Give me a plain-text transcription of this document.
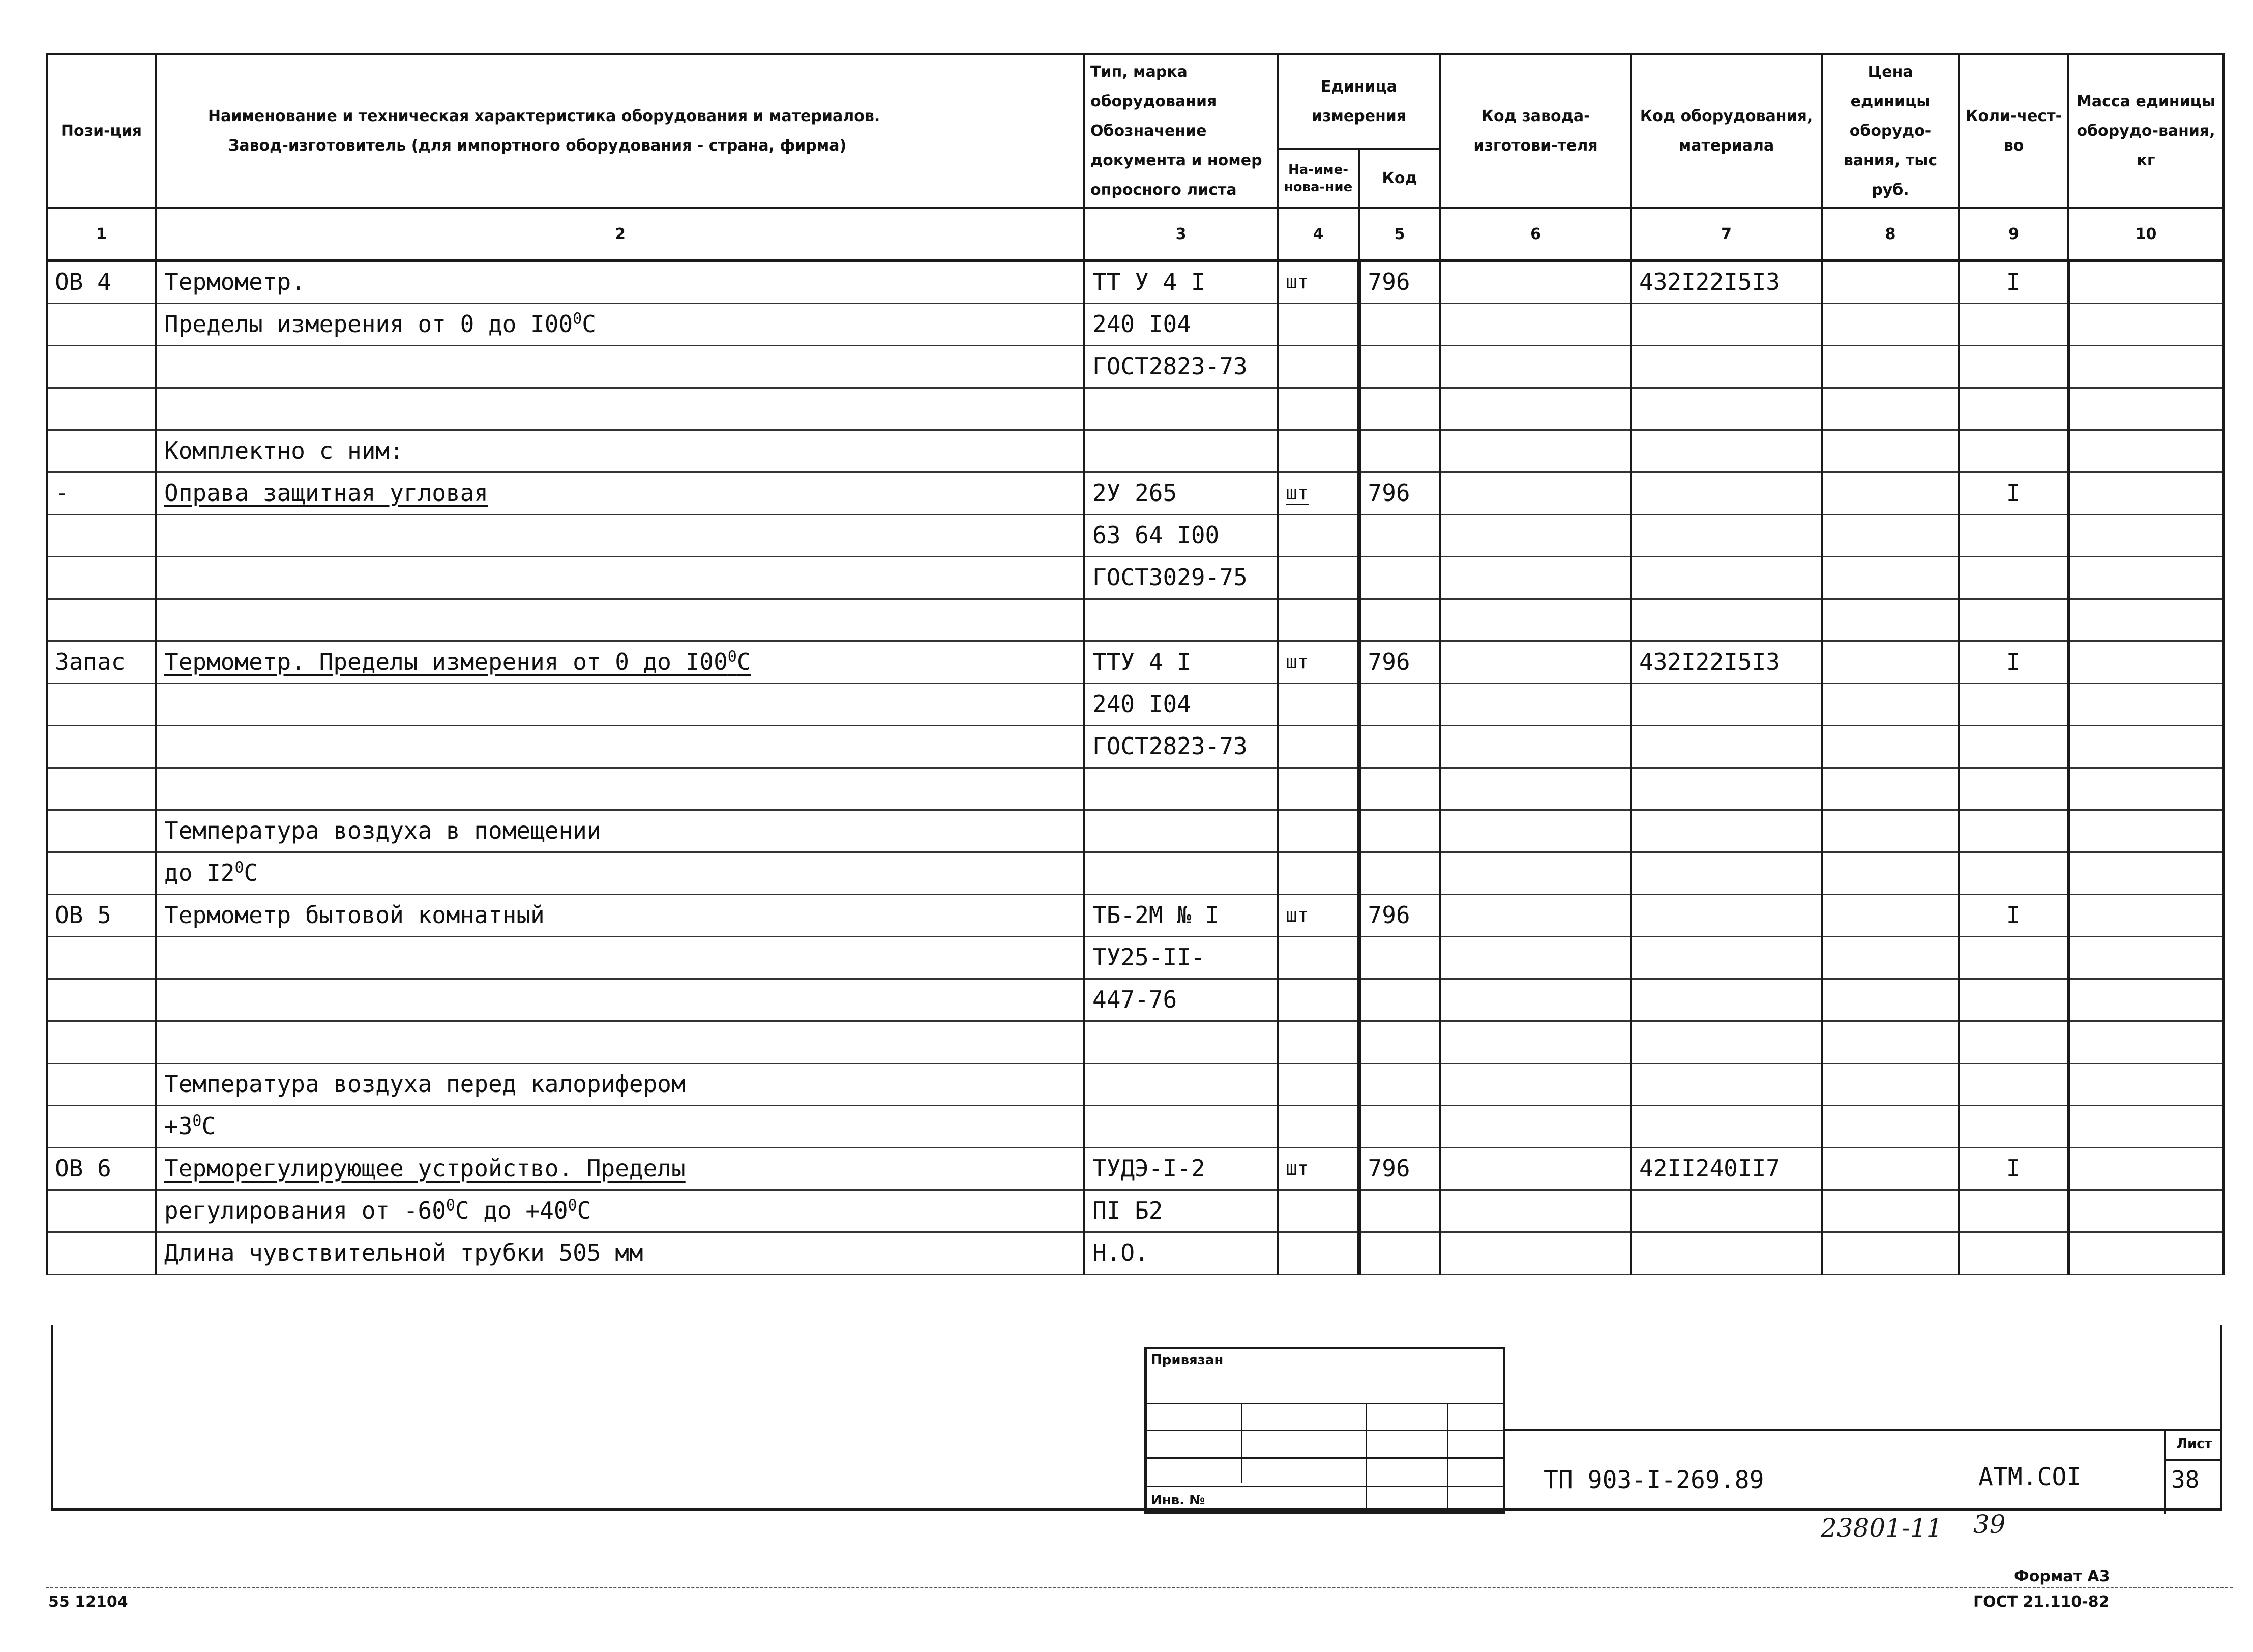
Пози-ция	Наименование и техническая характеристика оборудования и материалов.
Завод-изготовитель (для импортного оборудования - страна, фирма)	Тип, марка оборудования Обозначение документа и номер опросного листа	Единица измерения		Код завода-изготови-теля	Код оборудования, материала	Цена единицы оборудо-вания, тыс руб.	Коли-чест-во	Масса единицы оборудо-вания, кг
			На-име-нова-ние	Код					
1	2	3	4	5	6	7	8	9	10
ОВ 4	Термометр.	ТТ У 4 I	шт	796		432I22I5I3		I	
	Пределы измерения от 0 до $I00^0C$	240 I04							
		ГОСТ2823-73							

	Комплектно с ним:								
-	Оправа защитная угловая	2У 265	шт	796				I	
		63 64 I00							
		ГОСТ3029-75							

Запас	Термометр. Пределы измерения от 0 до $I00^0C$	ТТУ 4 I	шт	796		432I22I5I3		I	
		240 I04							
		ГОСТ2823-73							

	Температура воздуха в помещении								
	до $I2^0C$								
ОВ 5	Термометр бытовой комнатный	ТБ-2М № I	шт	796				I	
		ТУ25-II-							
		447-76							

	Температура воздуха перед калорифером								
	$+3^0C$								
ОВ 6	Терморегулирующее устройство. Пределы	ТУДЭ-I-2	шт	796		42II240II7		I	
	регулирования от $-60^0C$ до $+40^0C$	ПI Б2							
	Длина чувствительной трубки 505 мм	Н.О.							
Привязан
Инв. №
ТП 903-I-269.89	АТМ.СОI
Лист
38
23801-11 39
55 12104
Формат А3
ГОСТ 21.110-82
